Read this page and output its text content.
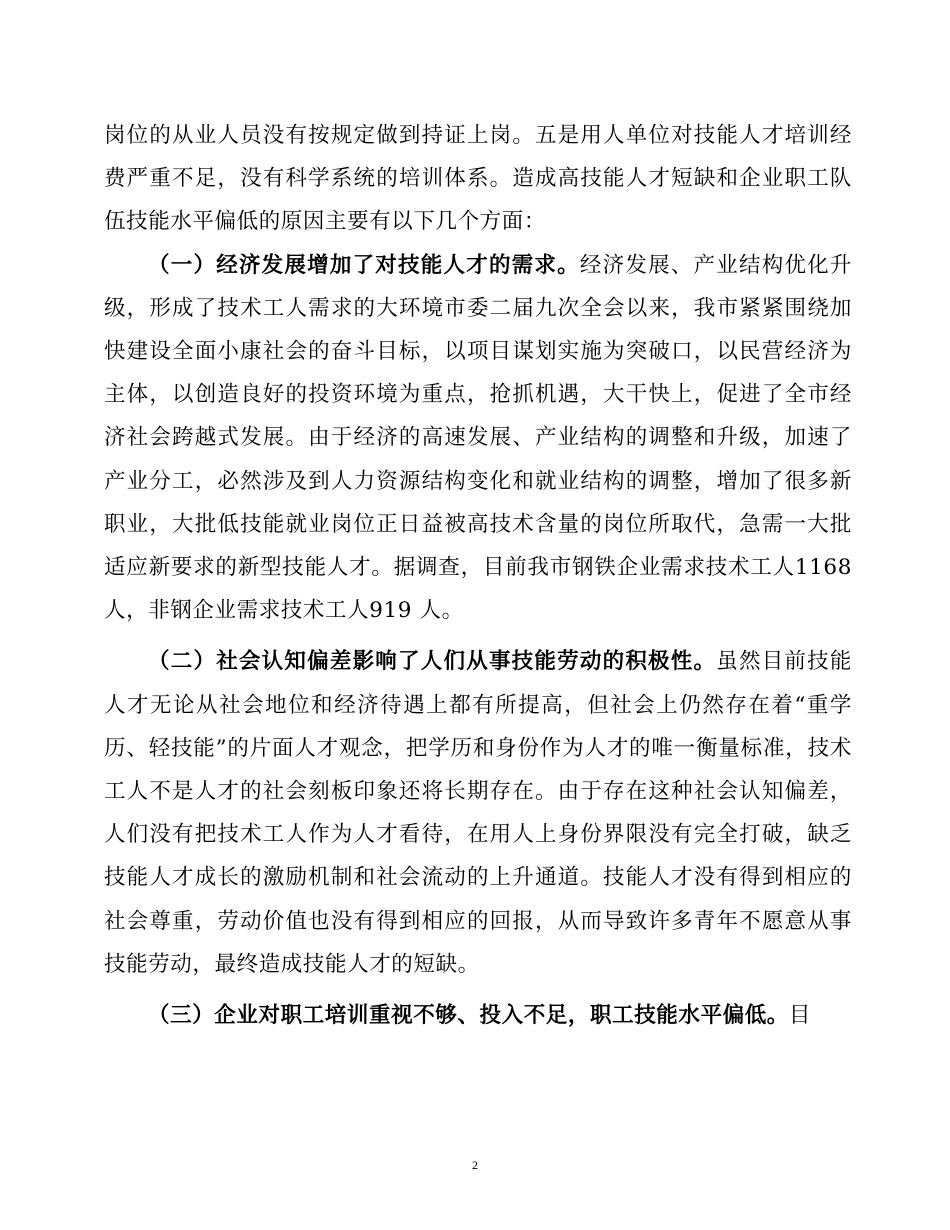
岗位的从业人员没有按规定做到持证上岗。五是用人单位对技能人才培训经费严重不足，没有科学系统的培训体系。造成高技能人才短缺和企业职工队伍技能水平偏低的原因主要有以下几个方面：

（一）经济发展增加了对技能人才的需求。经济发展、产业结构优化升级，形成了技术工人需求的大环境市委二届九次全会以来，我市紧紧围绕加快建设全面小康社会的奋斗目标，以项目谋划实施为突破口，以民营经济为主体，以创造良好的投资环境为重点，抢抓机遇，大干快上，促进了全市经济社会跨越式发展。由于经济的高速发展、产业结构的调整和升级，加速了产业分工，必然涉及到人力资源结构变化和就业结构的调整，增加了很多新职业，大批低技能就业岗位正日益被高技术含量的岗位所取代，急需一大批适应新要求的新型技能人才。据调查，目前我市钢铁企业需求技术工人1168 人，非钢企业需求技术工人919 人。

（二）社会认知偏差影响了人们从事技能劳动的积极性。虽然目前技能人才无论从社会地位和经济待遇上都有所提高，但社会上仍然存在着“重学历、轻技能”的片面人才观念，把学历和身份作为人才的唯一衡量标准，技术工人不是人才的社会刻板印象还将长期存在。由于存在这种社会认知偏差，人们没有把技术工人作为人才看待，在用人上身份界限没有完全打破，缺乏技能人才成长的激励机制和社会流动的上升通道。技能人才没有得到相应的社会尊重，劳动价值也没有得到相应的回报，从而导致许多青年不愿意从事技能劳动，最终造成技能人才的短缺。

（三）企业对职工培训重视不够、投入不足，职工技能水平偏低。目

2
